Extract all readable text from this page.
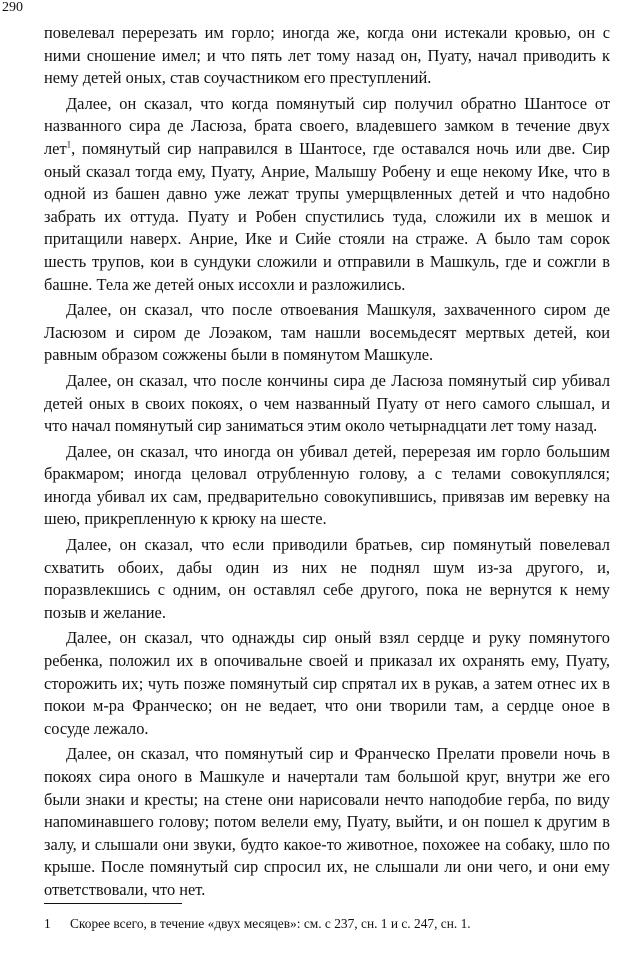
290

повелевал перерезать им горло; иногда же, когда они истекали кровью, он с ними сношение имел; и что пять лет тому назад он, Пуату, начал приводить к нему детей оных, став соучастником его преступлений.

Далее, он сказал, что когда помянутый сир получил обратно Шантосе от названного сира де Ласюза, брата своего, владевшего замком в течение двух лет$^1$, помянутый сир направился в Шантосе, где оставался ночь или две. Сир оный сказал тогда ему, Пуату, Анрие, Малышу Робену и еще некому Ике, что в одной из башен давно уже лежат трупы умерщвленных детей и что надобно забрать их оттуда. Пуату и Робен спустились туда, сложили их в мешок и притащили наверх. Анрие, Ике и Сийе стояли на страже. А было там сорок шесть трупов, кои в сундуки сложили и отправили в Машкуль, где и сожгли в башне. Тела же детей оных иссохли и разложились.

Далее, он сказал, что после отвоевания Машкуля, захваченного сиром де Ласюзом и сиром де Лоэаком, там нашли восемьдесят мертвых детей, кои равным образом сожжены были в помянутом Машкуле.

Далее, он сказал, что после кончины сира де Ласюза помянутый сир убивал детей оных в своих покоях, о чем названный Пуату от него самого слышал, и что начал помянутый сир заниматься этим около четырнадцати лет тому назад.

Далее, он сказал, что иногда он убивал детей, перерезая им горло большим бракмаром; иногда целовал отрубленную голову, а с телами совокуплялся; иногда убивал их сам, предварительно совокупившись, привязав им веревку на шею, прикрепленную к крюку на шесте.

Далее, он сказал, что если приводили братьев, сир помянутый повелевал схватить обоих, дабы один из них не поднял шум из-за другого, и, поразвлекшись с одним, он оставлял себе другого, пока не вернутся к нему позыв и желание.

Далее, он сказал, что однажды сир оный взял сердце и руку помянутого ребенка, положил их в опочивальне своей и приказал их охранять ему, Пуату, сторожить их; чуть позже помянутый сир спрятал их в рукав, а затем отнес их в покои м-ра Франческо; он не ведает, что они творили там, а сердце оное в сосуде лежало.

Далее, он сказал, что помянутый сир и Франческо Прелати провели ночь в покоях сира оного в Машкуле и начертали там большой круг, внутри же его были знаки и кресты; на стене они нарисовали нечто наподобие герба, по виду напоминавшего голову; потом велели ему, Пуату, выйти, и он пошел к другим в залу, и слышали они звуки, будто какое-то животное, похожее на собаку, шло по крыше. После помянутый сир спросил их, не слышали ли они чего, и они ему ответствовали, что нет.

1 Скорее всего, в течение «двух месяцев»: см. с 237, сн. 1 и с. 247, сн. 1.
